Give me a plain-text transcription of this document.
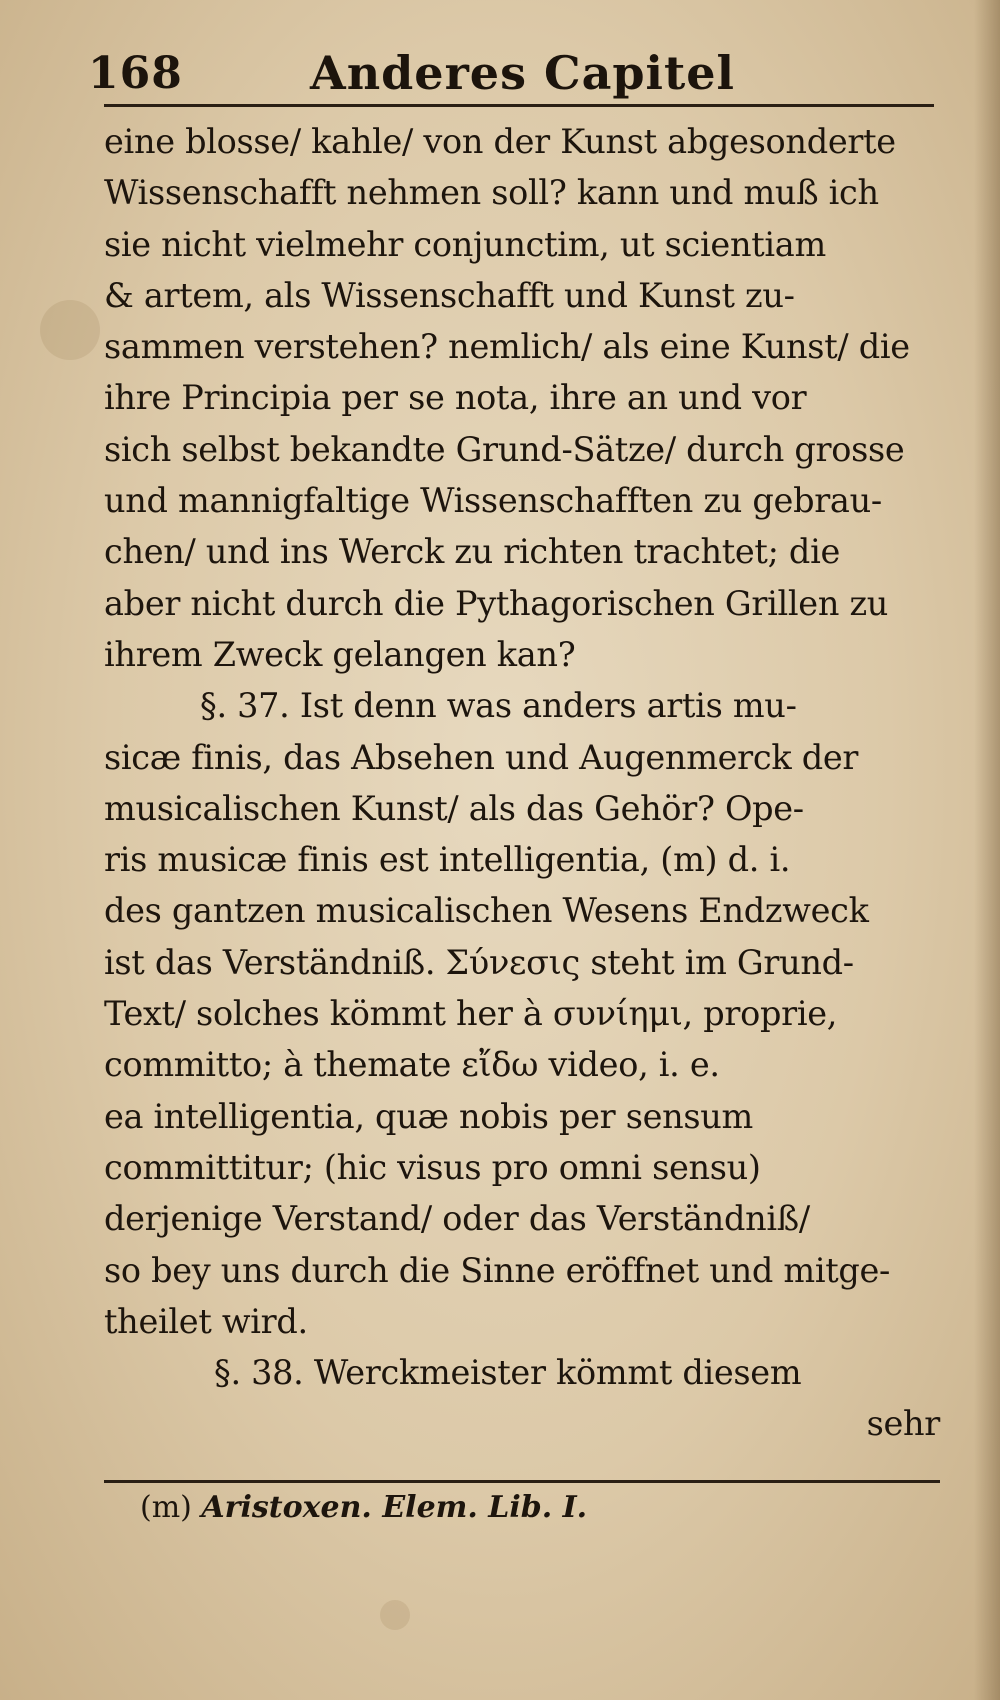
168	Anderes Capitel
eine blosse/ kahle/ von der Kunst abgesonderte
Wissenschafft nehmen soll? kann und muß ich
sie nicht vielmehr conjunctim, ut scientiam
& artem, als Wissenschafft und Kunst zu-
sammen verstehen? nemlich/ als eine Kunst/ die
ihre Principia per se nota, ihre an und vor
sich selbst bekandte Grund-Sätze/ durch grosse
und mannigfaltige Wissenschafften zu gebrau-
chen/ und ins Werck zu richten trachtet; die
aber nicht durch die Pythagorischen Grillen zu
ihrem Zweck gelangen kan?
§. 37. Ist denn was anders artis mu-
sicæ finis, das Absehen und Augenmerck der
musicalischen Kunst/ als das Gehör? Ope-
ris musicæ finis est intelligentia, (m) d. i.
des gantzen musicalischen Wesens Endzweck
ist das Verständniß. Σύνεσις steht im Grund-
Text/ solches kömmt her à συνίημι, proprie,
committo; à themate εἴδω video, i. e.
ea intelligentia, quæ nobis per sensum
committitur; (hic visus pro omni sensu)
derjenige Verstand/ oder das Verständniß/
so bey uns durch die Sinne eröffnet und mitge-
theilet wird.
§. 38. Werckmeister kömmt diesem
sehr
(m) Aristoxen. Elem. Lib. I.
